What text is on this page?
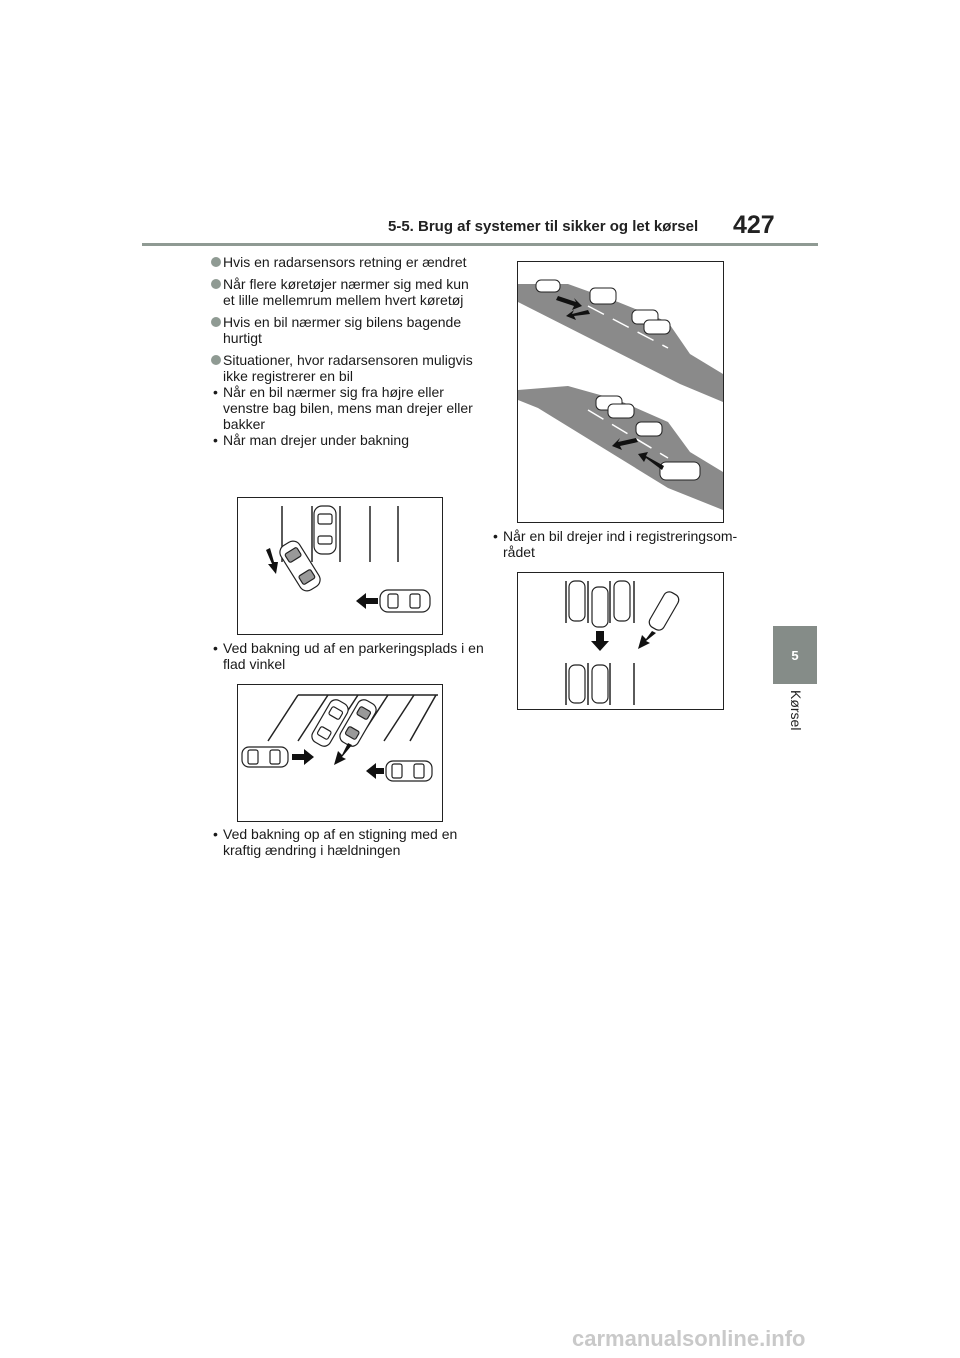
5-5. Brug af systemer til sikker og let kørsel 427
5
Kørsel
Hvis en radarsensors retning er ændret
Når flere køretøjer nærmer sig med kun et lille mellemrum mellem hvert køretøj
Hvis en bil nærmer sig bilens bagende hurtigt
Situationer, hvor radarsensoren muligvis ikke registrerer en bil
• Når en bil nærmer sig fra højre eller venstre bag bilen, mens man drejer eller bakker
• Når man drejer under bakning
• Ved bakning ud af en parkeringsplads i en flad vinkel
• Ved bakning op af en stigning med en kraftig ændring i hældningen
• Når en bil drejer ind i registreringsom-rådet
carmanualsonline.info
